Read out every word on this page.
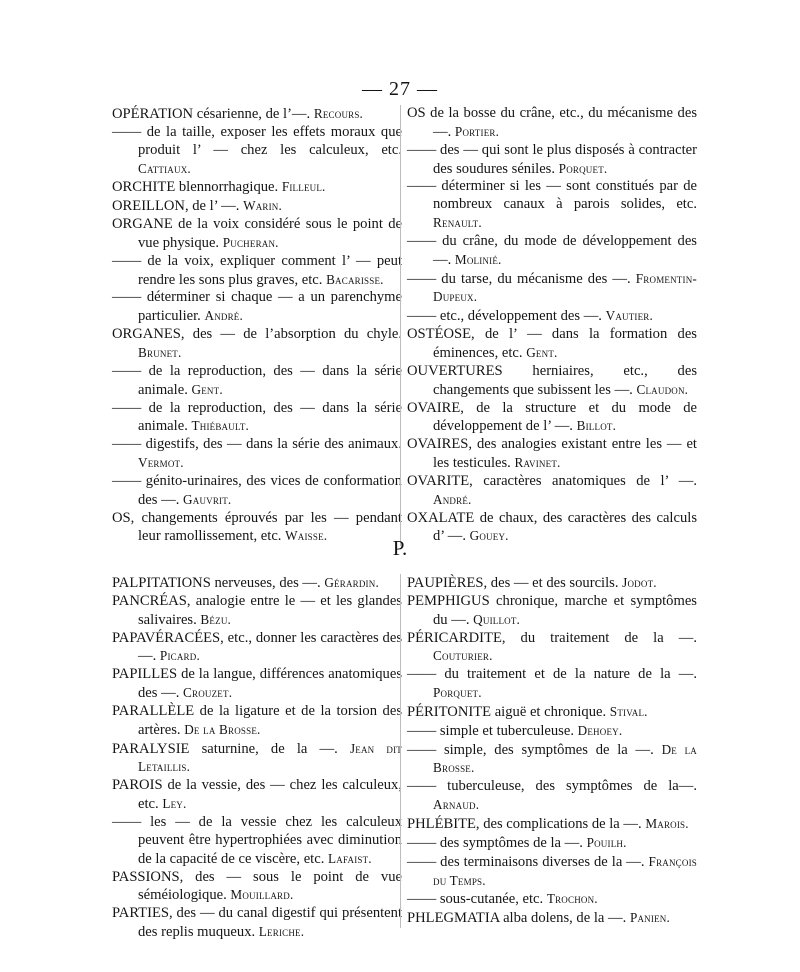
— 27 —

OPÉRATION césarienne, de l’—. Recours.

—— de la taille, exposer les effets moraux que produit l’ — chez les calculeux, etc. Cattiaux.

ORCHITE blennorrhagique. Filleul.

OREILLON, de l’ —. Warin.

ORGANE de la voix considéré sous le point de vue physique. Pucheran.

—— de la voix, expliquer comment l’ — peut rendre les sons plus graves, etc. Bacarisse.

—— déterminer si chaque — a un parenchyme particulier. André.

ORGANES, des — de l’absorption du chyle. Brunet.

—— de la reproduction, des — dans la série animale. Gent.

—— de la reproduction, des — dans la série animale. Thiébault.

—— digestifs, des — dans la série des animaux. Vermot.

—— génito-urinaires, des vices de conformation des —. Gauvrit.

OS, changements éprouvés par les — pendant leur ramollissement, etc. Waisse.

OS de la bosse du crâne, etc., du mécanisme des —. Portier.

—— des — qui sont le plus disposés à contracter des soudures séniles. Porquet.

—— déterminer si les — sont constitués par de nombreux canaux à parois solides, etc. Renault.

—— du crâne, du mode de développement des —. Molinié.

—— du tarse, du mécanisme des —. Fromentin-Dupeux.

—— etc., développement des —. Vautier.

OSTÉOSE, de l’ — dans la formation des éminences, etc. Gent.

OUVERTURES herniaires, etc., des changements que subissent les —. Claudon.

OVAIRE, de la structure et du mode de développement de l’ —. Billot.

OVAIRES, des analogies existant entre les — et les testicules. Ravinet.

OVARITE, caractères anatomiques de l’ —. André.

OXALATE de chaux, des caractères des calculs d’ —. Gouey.

P.

PALPITATIONS nerveuses, des —. Gérardin.

PANCRÉAS, analogie entre le — et les glandes salivaires. Bézu.

PAPAVÉRACÉES, etc., donner les caractères des —. Picard.

PAPILLES de la langue, différences anatomiques des —. Crouzet.

PARALLÈLE de la ligature et de la torsion des artères. De la Brosse.

PARALYSIE saturnine, de la —. Jean dit Letaillis.

PAROIS de la vessie, des — chez les calculeux, etc. Ley.

—— les — de la vessie chez les calculeux peuvent être hypertrophiées avec diminution de la capacité de ce viscère, etc. Lafaist.

PASSIONS, des — sous le point de vue séméiologique. Mouillard.

PARTIES, des — du canal digestif qui présentent des replis muqueux. Leriche.

PAUPIÈRES, des — et des sourcils. Jodot.

PEMPHIGUS chronique, marche et symptômes du —. Quillot.

PÉRICARDITE, du traitement de la —. Couturier.

—— du traitement et de la nature de la —. Porquet.

PÉRITONITE aiguë et chronique. Stival.

—— simple et tuberculeuse. Dehoey.

—— simple, des symptômes de la —. De la Brosse.

—— tuberculeuse, des symptômes de la—. Arnaud.

PHLÉBITE, des complications de la —. Marois.

—— des symptômes de la —. Pouilh.

—— des terminaisons diverses de la —. François du Temps.

—— sous-cutanée, etc. Trochon.

PHLEGMATIA alba dolens, de la —. Panien.
